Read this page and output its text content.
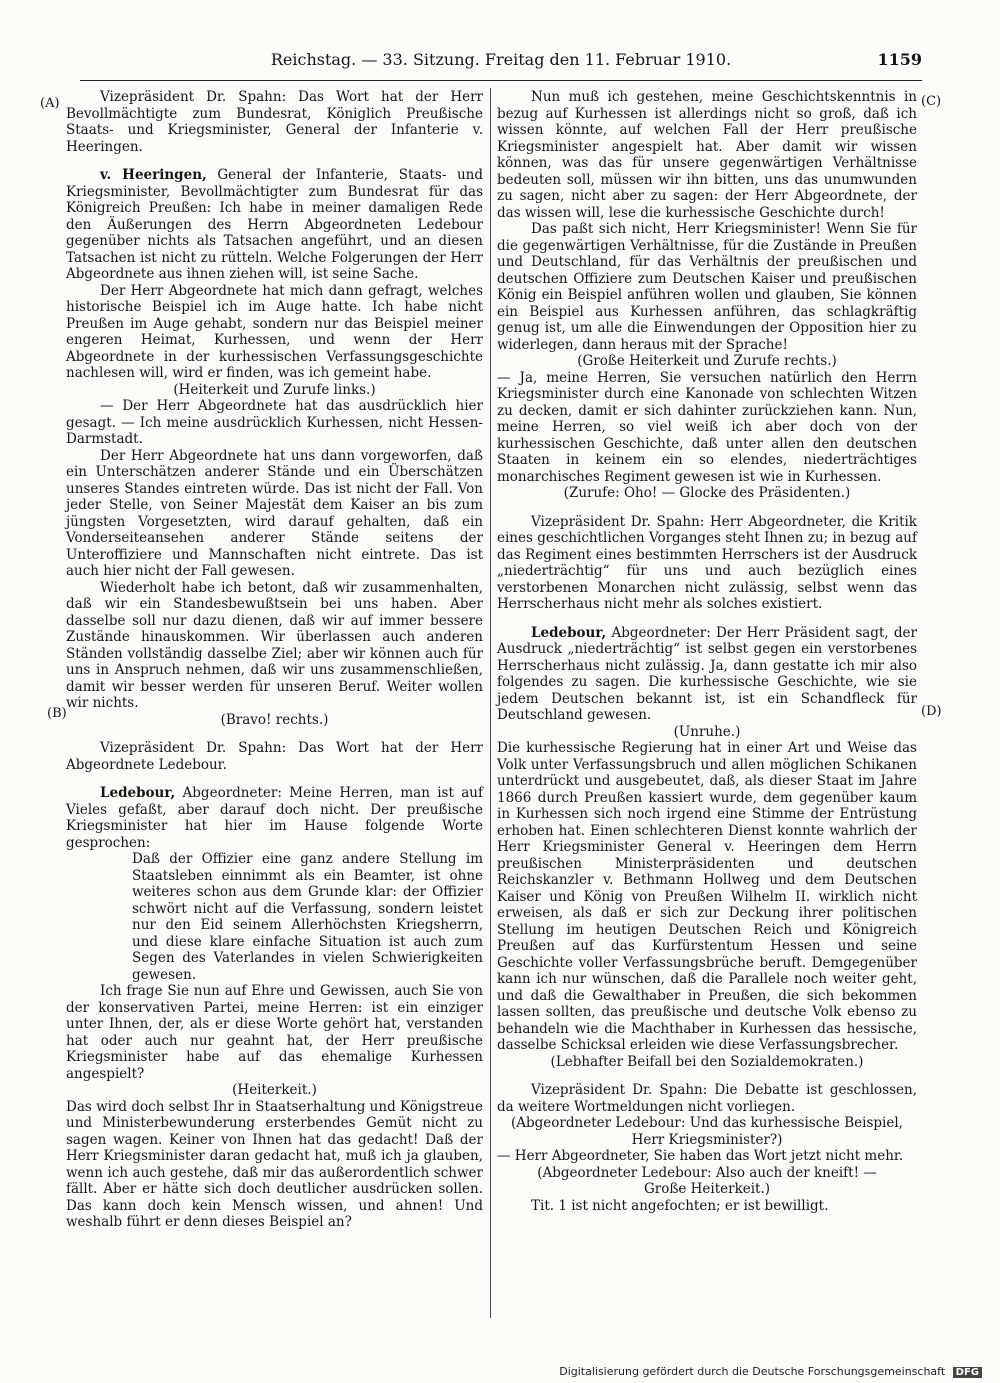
Reichstag. — 33. Sitzung. Freitag den 11. Februar 1910.	1159
(A)
(B)
(C)
(D)

Vizepräsident Dr. Spahn: Das Wort hat der Herr Bevollmächtigte zum Bundesrat, Königlich Preußische Staats- und Kriegsminister, General der Infanterie v. Heeringen.

v. Heeringen, General der Infanterie, Staats- und Kriegsminister, Bevollmächtigter zum Bundesrat für das Königreich Preußen: Ich habe in meiner damaligen Rede den Äußerungen des Herrn Abgeordneten Ledebour gegenüber nichts als Tatsachen angeführt, und an diesen Tatsachen ist nicht zu rütteln. Welche Folgerungen der Herr Abgeordnete aus ihnen ziehen will, ist seine Sache.

Der Herr Abgeordnete hat mich dann gefragt, welches historische Beispiel ich im Auge hatte. Ich habe nicht Preußen im Auge gehabt, sondern nur das Beispiel meiner engeren Heimat, Kurhessen, und wenn der Herr Abgeordnete in der kurhessischen Verfassungsgeschichte nachlesen will, wird er finden, was ich gemeint habe.

(Heiterkeit und Zurufe links.)

— Der Herr Abgeordnete hat das ausdrücklich hier gesagt. — Ich meine ausdrücklich Kurhessen, nicht Hessen-Darmstadt.

Der Herr Abgeordnete hat uns dann vorgeworfen, daß ein Unterschätzen anderer Stände und ein Überschätzen unseres Standes eintreten würde. Das ist nicht der Fall. Von jeder Stelle, von Seiner Majestät dem Kaiser an bis zum jüngsten Vorgesetzten, wird darauf gehalten, daß ein Vonderseiteansehen anderer Stände seitens der Unteroffiziere und Mannschaften nicht eintrete. Das ist auch hier nicht der Fall gewesen.

Wiederholt habe ich betont, daß wir zusammenhalten, daß wir ein Standesbewußtsein bei uns haben. Aber dasselbe soll nur dazu dienen, daß wir auf immer bessere Zustände hinauskommen. Wir überlassen auch anderen Ständen vollständig dasselbe Ziel; aber wir können auch für uns in Anspruch nehmen, daß wir uns zusammenschließen, damit wir besser werden für unseren Beruf. Weiter wollen wir nichts.

(Bravo! rechts.)

Vizepräsident Dr. Spahn: Das Wort hat der Herr Abgeordnete Ledebour.

Ledebour, Abgeordneter: Meine Herren, man ist auf Vieles gefaßt, aber darauf doch nicht. Der preußische Kriegsminister hat hier im Hause folgende Worte gesprochen:

Daß der Offizier eine ganz andere Stellung im Staatsleben einnimmt als ein Beamter, ist ohne weiteres schon aus dem Grunde klar: der Offizier schwört nicht auf die Verfassung, sondern leistet nur den Eid seinem Allerhöchsten Kriegsherrn, und diese klare einfache Situation ist auch zum Segen des Vaterlandes in vielen Schwierigkeiten gewesen.

Ich frage Sie nun auf Ehre und Gewissen, auch Sie von der konservativen Partei, meine Herren: ist ein einziger unter Ihnen, der, als er diese Worte gehört hat, verstanden hat oder auch nur geahnt hat, der Herr preußische Kriegsminister habe auf das ehemalige Kurhessen angespielt?

(Heiterkeit.)

Das wird doch selbst Ihr in Staatserhaltung und Königstreue und Ministerbewunderung ersterbendes Gemüt nicht zu sagen wagen. Keiner von Ihnen hat das gedacht! Daß der Herr Kriegsminister daran gedacht hat, muß ich ja glauben, wenn ich auch gestehe, daß mir das außerordentlich schwer fällt. Aber er hätte sich doch deutlicher ausdrücken sollen. Das kann doch kein Mensch wissen, und ahnen! Und weshalb führt er denn dieses Beispiel an?

Nun muß ich gestehen, meine Geschichtskenntnis in bezug auf Kurhessen ist allerdings nicht so groß, daß ich wissen könnte, auf welchen Fall der Herr preußische Kriegsminister angespielt hat. Aber damit wir wissen können, was das für unsere gegenwärtigen Verhältnisse bedeuten soll, müssen wir ihn bitten, uns das unumwunden zu sagen, nicht aber zu sagen: der Herr Abgeordnete, der das wissen will, lese die kurhessische Geschichte durch!

Das paßt sich nicht, Herr Kriegsminister! Wenn Sie für die gegenwärtigen Verhältnisse, für die Zustände in Preußen und Deutschland, für das Verhältnis der preußischen und deutschen Offiziere zum Deutschen Kaiser und preußischen König ein Beispiel anführen wollen und glauben, Sie können ein Beispiel aus Kurhessen anführen, das schlagkräftig genug ist, um alle die Einwendungen der Opposition hier zu widerlegen, dann heraus mit der Sprache!

(Große Heiterkeit und Zurufe rechts.)

— Ja, meine Herren, Sie versuchen natürlich den Herrn Kriegsminister durch eine Kanonade von schlechten Witzen zu decken, damit er sich dahinter zurückziehen kann. Nun, meine Herren, so viel weiß ich aber doch von der kurhessischen Geschichte, daß unter allen den deutschen Staaten in keinem ein so elendes, niederträchtiges monarchisches Regiment gewesen ist wie in Kurhessen.

(Zurufe: Oho! — Glocke des Präsidenten.)

Vizepräsident Dr. Spahn: Herr Abgeordneter, die Kritik eines geschichtlichen Vorganges steht Ihnen zu; in bezug auf das Regiment eines bestimmten Herrschers ist der Ausdruck „niederträchtig“ für uns und auch bezüglich eines verstorbenen Monarchen nicht zulässig, selbst wenn das Herrscherhaus nicht mehr als solches existiert.

Ledebour, Abgeordneter: Der Herr Präsident sagt, der Ausdruck „niederträchtig“ ist selbst gegen ein verstorbenes Herrscherhaus nicht zulässig. Ja, dann gestatte ich mir also folgendes zu sagen. Die kurhessische Geschichte, wie sie jedem Deutschen bekannt ist, ist ein Schandfleck für Deutschland gewesen.

(Unruhe.)

Die kurhessische Regierung hat in einer Art und Weise das Volk unter Verfassungsbruch und allen möglichen Schikanen unterdrückt und ausgebeutet, daß, als dieser Staat im Jahre 1866 durch Preußen kassiert wurde, dem gegenüber kaum in Kurhessen sich noch irgend eine Stimme der Entrüstung erhoben hat. Einen schlechteren Dienst konnte wahrlich der Herr Kriegsminister General v. Heeringen dem Herrn preußischen Ministerpräsidenten und deutschen Reichskanzler v. Bethmann Hollweg und dem Deutschen Kaiser und König von Preußen Wilhelm II. wirklich nicht erweisen, als daß er sich zur Deckung ihrer politischen Stellung im heutigen Deutschen Reich und Königreich Preußen auf das Kurfürstentum Hessen und seine Geschichte voller Verfassungsbrüche beruft. Demgegenüber kann ich nur wünschen, daß die Parallele noch weiter geht, und daß die Gewalthaber in Preußen, die sich bekommen lassen sollten, das preußische und deutsche Volk ebenso zu behandeln wie die Machthaber in Kurhessen das hessische, dasselbe Schicksal erleiden wie diese Verfassungsbrecher.

(Lebhafter Beifall bei den Sozialdemokraten.)

Vizepräsident Dr. Spahn: Die Debatte ist geschlossen, da weitere Wortmeldungen nicht vorliegen.

(Abgeordneter Ledebour: Und das kurhessische Beispiel,

Herr Kriegsminister?)

— Herr Abgeordneter, Sie haben das Wort jetzt nicht mehr.

(Abgeordneter Ledebour: Also auch der kneift! —

Große Heiterkeit.)

Tit. 1 ist nicht angefochten; er ist bewilligt.

Digitalisierung gefördert durch die Deutsche Forschungsgemeinschaft DFG
